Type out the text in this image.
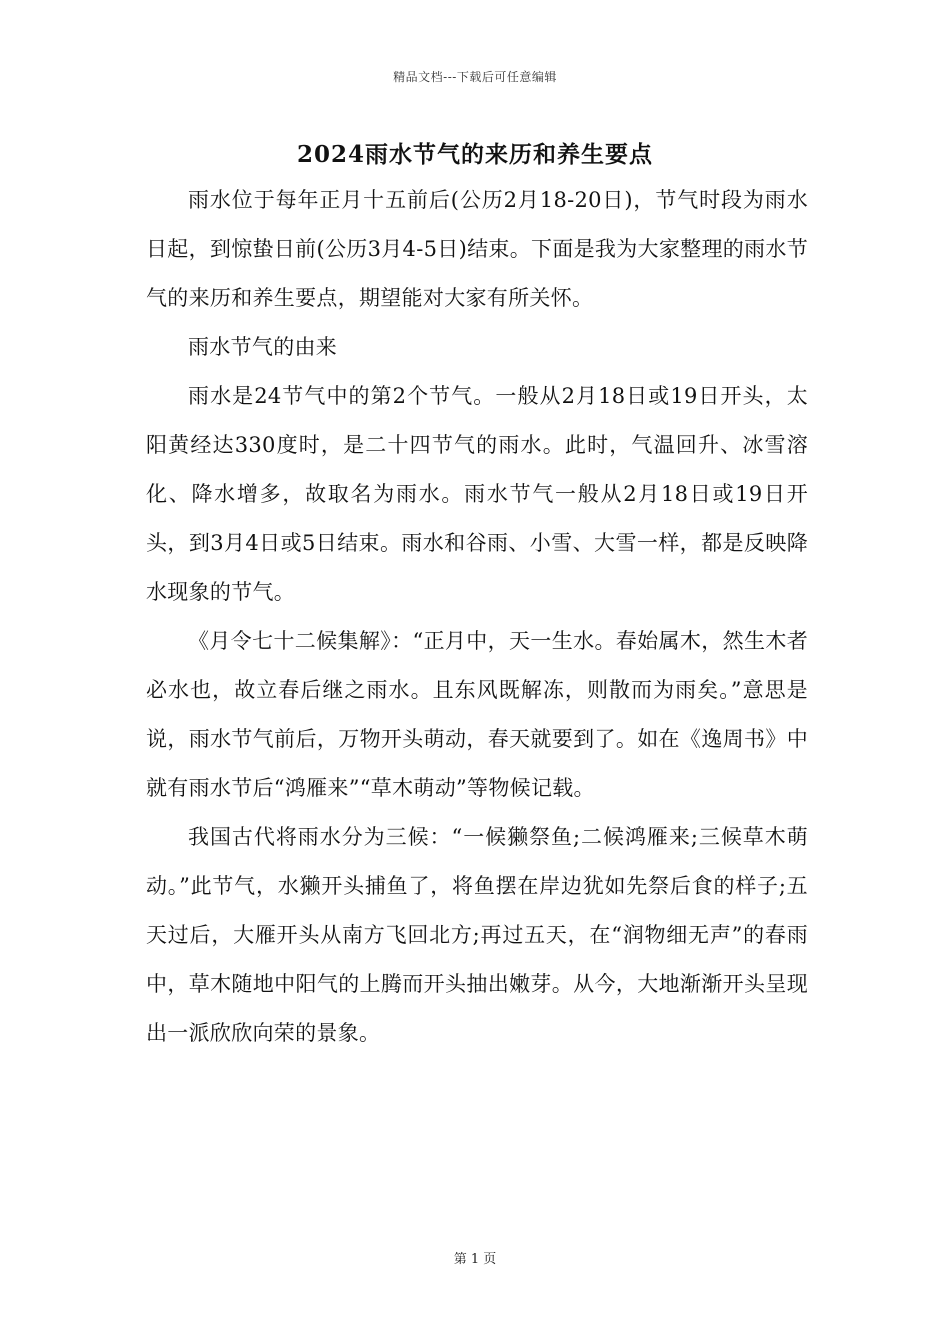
精品文档---下载后可任意编辑
2024雨水节气的来历和养生要点

雨水位于每年正月十五前后(公历2月18-20日)，节气时段为雨水日起，到惊蛰日前(公历3月4-5日)结束。下面是我为大家整理的雨水节气的来历和养生要点，期望能对大家有所关怀。

雨水节气的由来

雨水是24节气中的第2个节气。一般从2月18日或19日开头，太阳黄经达330度时，是二十四节气的雨水。此时，气温回升、冰雪溶化、降水增多，故取名为雨水。雨水节气一般从2月18日或19日开头，到3月4日或5日结束。雨水和谷雨、小雪、大雪一样，都是反映降水现象的节气。

《月令七十二候集解》：“正月中，天一生水。春始属木，然生木者必水也，故立春后继之雨水。且东风既解冻，则散而为雨矣。”意思是说，雨水节气前后，万物开头萌动，春天就要到了。如在《逸周书》中就有雨水节后“鸿雁来”“草木萌动”等物候记载。

我国古代将雨水分为三候：“一候獭祭鱼;二候鸿雁来;三候草木萌动。”此节气，水獭开头捕鱼了，将鱼摆在岸边犹如先祭后食的样子;五天过后，大雁开头从南方飞回北方;再过五天，在“润物细无声”的春雨中，草木随地中阳气的上腾而开头抽出嫩芽。从今，大地渐渐开头呈现出一派欣欣向荣的景象。

第 1 页
